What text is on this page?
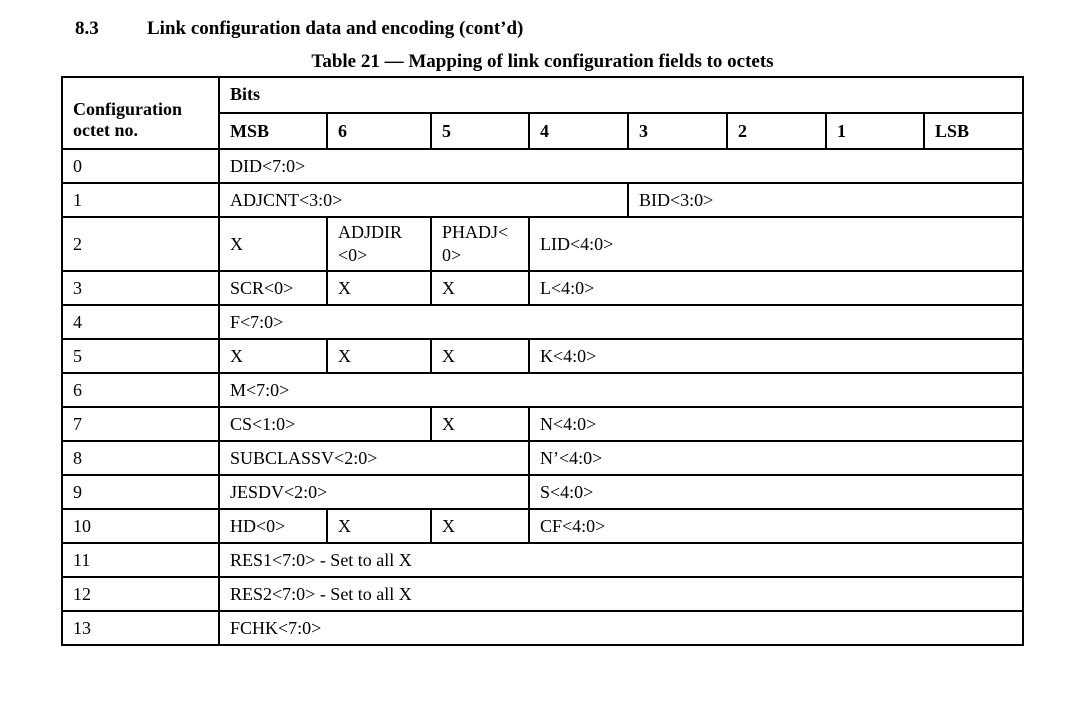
8.3	Link configuration data and encoding (cont’d)
Table 21 — Mapping of link configuration fields to octets
Configuration octet no.	Bits							

	MSB	6	5	4	3	2	1	LSB
0	DID<7:0>							

1	ADJCNT<3:0>				BID<3:0>			

2	X	ADJDIR <0>	PHADJ< 0>	LID<4:0>				

3	SCR<0>	X	X	L<4:0>				

4	F<7:0>							

5	X	X	X	K<4:0>				

6	M<7:0>							

7	CS<1:0>		X	N<4:0>				

8	SUBCLASSV<2:0>			N’<4:0>				

9	JESDV<2:0>			S<4:0>				

10	HD<0>	X	X	CF<4:0>				

11	RES1<7:0> - Set to all X							

12	RES2<7:0> - Set to all X							

13	FCHK<7:0>							
